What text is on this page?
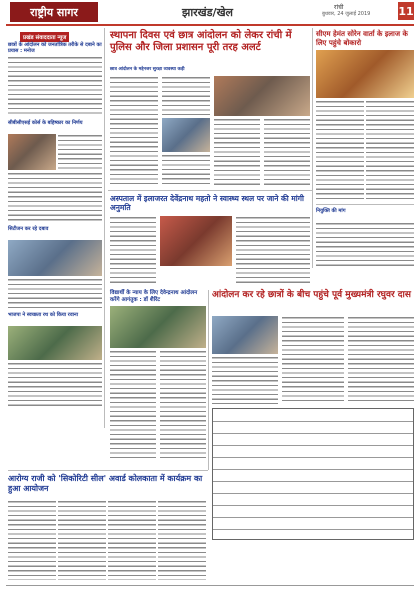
राष्ट्रीय सागर	झारखंड/खेल	रांची
बुधवार, 24 जुलाई 2019	11
प्रखंड संवाददाता न्यूज
छात्रों के आंदोलन को जनतांत्रिक तरीके से दबाने का प्रयास : मनोज
सीबीसीएसई कोर्स के बहिष्कार का निर्णय
सिटीजन कर रहे दबाव
भाजपा ने स्वच्छता रथ को किया रवाना
स्थापना दिवस एवं छात्र आंदोलन को लेकर रांची में पुलिस और जिला प्रशासन पूरी तरह अलर्ट
छात्र आंदोलन के मद्देनजर सुरक्षा व्यवस्था कड़ी
सीएम हेमंत सोरेन वार्ता के इलाज के लिए पहुंचे बोकारो
नियुक्ति की मांग
अस्पताल में इलाजरत देवेंद्रनाथ महतो ने स्वास्थ्य स्थल पर जाने की मांगी अनुमति
विद्यार्थी के न्याय के लिए देवेन्द्रनाथ आंदोलन करेंगे आगंतुक : डॉ शैरिंट	आंदोलन कर रहे छात्रों के बीच पहुंचे पूर्व मुख्यमंत्री रघुवर दास
आरोग्य राजी को 'सिकोरिटी सील' अवार्ड कोलकाता में कार्यक्रम का हुआ आयोजन
